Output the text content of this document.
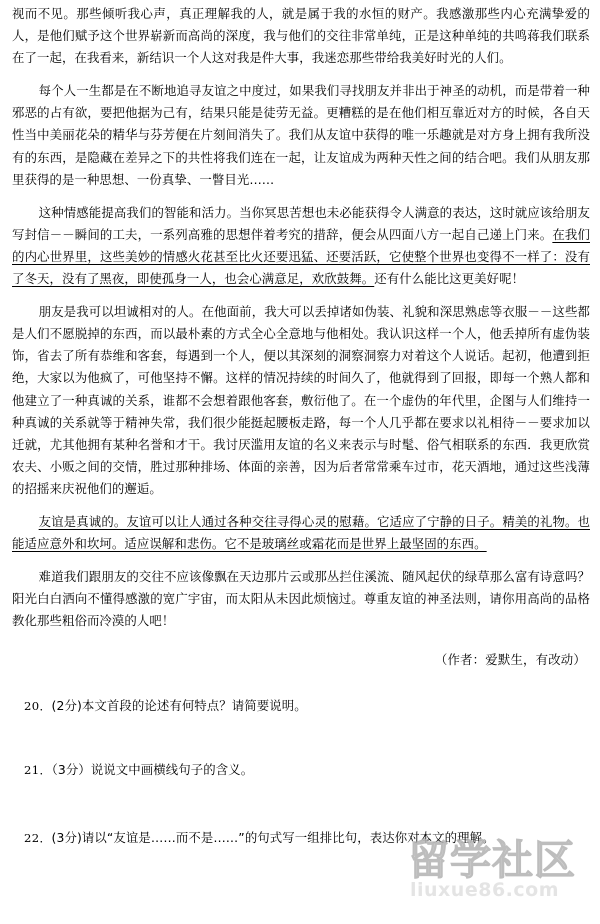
视而不见。那些倾听我心声，真正理解我的人，就是属于我的水恒的财产。我感激那些内心充满挚爱的人，是他们赋予这个世界崭新而高尚的深度，我与他们的交往非常单纯，正是这种单纯的共鸣蒋我们联系在了一起，在我看来，新结识一个人这对我是件大事，我迷恋那些带给我美好时光的人们。

每个人一生都是在不断地追寻友谊之中度过，如果我们寻找朋友并非出于神圣的动机，而是带着一种邪恶的占有欲，要把他据为己有，结果只能是徒劳无益。更糟糕的是在他们相互靠近对方的时候，各自天性当中美丽花朵的精华与芬芳便在片刻间消失了。我们从友谊中获得的唯一乐趣就是对方身上拥有我所没有的东西，是隐藏在差异之下的共性将我们连在一起，让友谊成为两种天性之间的结合吧。我们从朋友那里获得的是一种思想、一份真挚、一瞥目光……

这种情感能提高我们的智能和活力。当你冥思苦想也未必能获得令人满意的表达，这时就应该给朋友写封信－－瞬间的工夫，一系列高雅的思想伴着考究的措辞，便会从四面八方一起自己递上门来。在我们的内心世界里，这些美妙的情感火花甚至比火还要迅猛、还要活跃，它使整个世界也变得不一样了：没有了冬天，没有了黑夜，即使孤身一人，也会心满意足，欢欣鼓舞。还有什么能比这更美好呢！

朋友是我可以坦诚相对的人。在他面前，我大可以丢掉诸如伪装、礼貌和深思熟虑等衣服－－这些都是人们不愿脱掉的东西，而以最朴素的方式全心全意地与他相处。我认识这样一个人，他丢掉所有虚伪装饰，省去了所有恭维和客套，每遇到一个人，便以其深刻的洞察洞察力对着这个人说话。起初，他遭到拒绝，大家以为他疯了，可他坚持不懈。这样的情况持续的时间久了，他就得到了回报，即每一个熟人都和他建立了一种真诚的关系，谁都不会想着跟他客套，敷衍他了。在一个虚伪的年代里，企图与人们维持一种真诚的关系就等于精神失常，我们很少能挺起腰板走路，每一个人几乎都在要求以礼相待－－要求加以迁就，尤其他拥有某种名誉和才干。我讨厌滥用友谊的名义来表示与时髦、俗气相联系的东西．我更欣赏农夫、小贩之间的交情，胜过那种排场、体面的亲善，因为后者常常乘车过市，花天酒地，通过这些浅薄的招摇来庆祝他们的邂逅。

友谊是真诚的。友谊可以让人通过各种交往寻得心灵的慰藉。它适应了宁静的日子。精美的礼物。也能适应意外和坎坷。适应误解和悲伤。它不是玻璃丝或霜花而是世界上最坚固的东西。

难道我们跟朋友的交往不应该像飘在天边那片云或那丛拦住溪流、随风起伏的绿草那么富有诗意吗？阳光白白洒向不懂得感激的宽广宇宙，而太阳从未因此烦恼过。尊重友谊的神圣法则，请你用高尚的品格教化那些粗俗而冷漠的人吧！

（作者：爱默生，有改动）

20．(2分)本文首段的论述有何特点？请简要说明。

21．（3分）说说文中画横线句子的含义。

22．(3分)请以“友谊是……而不是……”的句式写一组排比句，表达你对本文的理解。

留学社区
liuxue86.com
